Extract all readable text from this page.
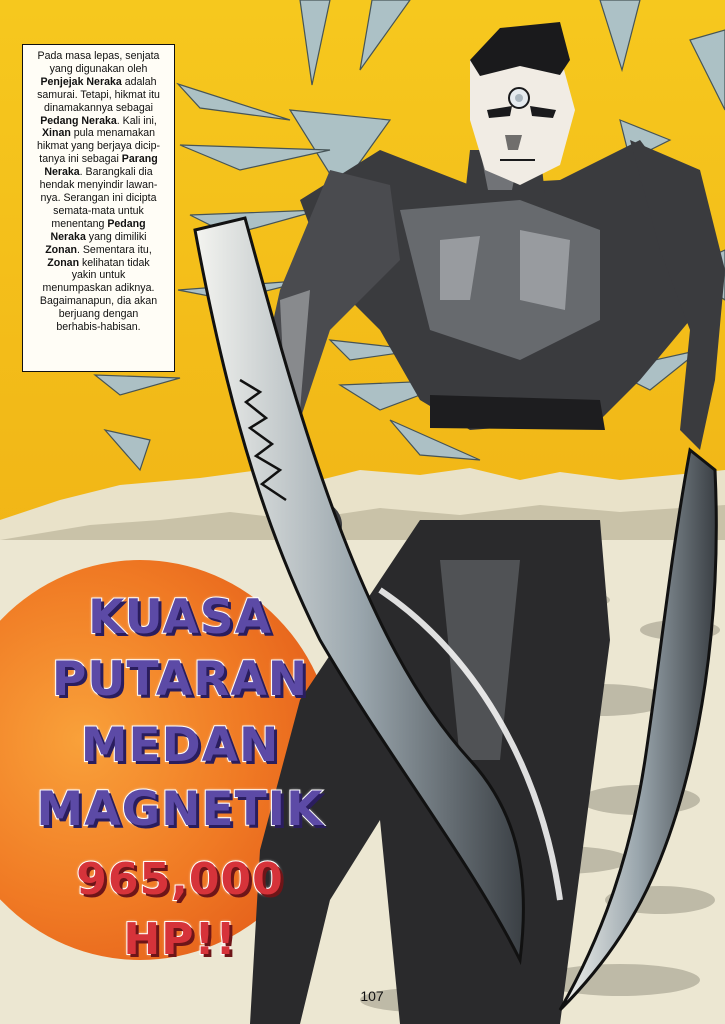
Pada masa lepas, senjata
yang digunakan oleh
Penjejak Neraka adalah
samurai. Tetapi, hikmat itu
dinamakannya sebagai
Pedang Neraka. Kali ini,
Xinan pula menamakan
hikmat yang berjaya dicip-
tanya ini sebagai Parang
Neraka. Barangkali dia
hendak menyindir lawan-
nya. Serangan ini dicipta
semata-mata untuk
menentang Pedang
Neraka yang dimiliki
Zonan. Sementara itu,
Zonan kelihatan tidak
yakin untuk
menumpaskan adiknya.
Bagaimanapun, dia akan
berjuang dengan
berhabis-habisan.
KUASA
PUTARAN
MEDAN
MAGNETIK
965,000
HP!!
107
